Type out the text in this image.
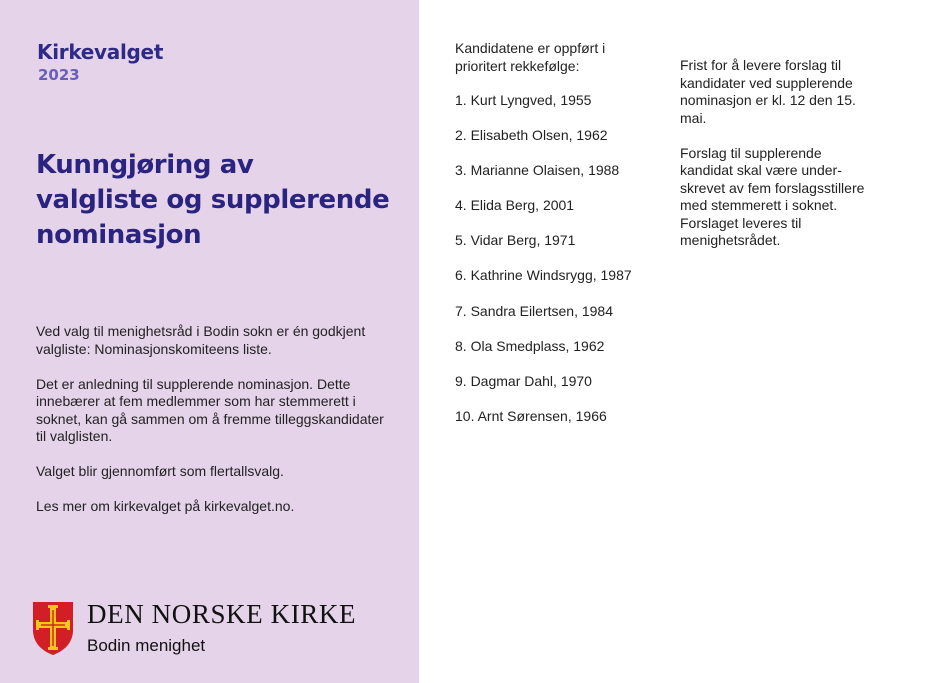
Kirkevalget
2023
Kunngjøring av
valgliste og supplerende
nominasjon

Ved valg til menighetsråd i Bodin sokn er én godkjent valgliste: Nominasjonskomiteens liste.

Det er anledning til supplerende nominasjon. Dette innebærer at fem medlemmer som har stemmerett i soknet, kan gå sammen om å fremme tilleggskandidater til valglisten.

Valget blir gjennomført som flertallsvalg.

Les mer om kirkevalget på kirkevalget.no.

DEN NORSKE KIRKE
Bodin menighet

Kandidatene er oppført i
prioritert rekkefølge:

1. Kurt Lyngved, 1955
2. Elisabeth Olsen, 1962
3. Marianne Olaisen, 1988
4. Elida Berg, 2001
5. Vidar Berg, 1971
6. Kathrine Windsrygg, 1987
7. Sandra Eilertsen, 1984
8. Ola Smedplass, 1962
9. Dagmar Dahl, 1970
10. Arnt Sørensen, 1966

Frist for å levere forslag til
kandidater ved supplerende
nominasjon er kl. 12 den 15.
mai.

Forslag til supplerende
kandidat skal være under-
skrevet av fem forslagsstillere
med stemmerett i soknet.
Forslaget leveres til
menighetsrådet.
